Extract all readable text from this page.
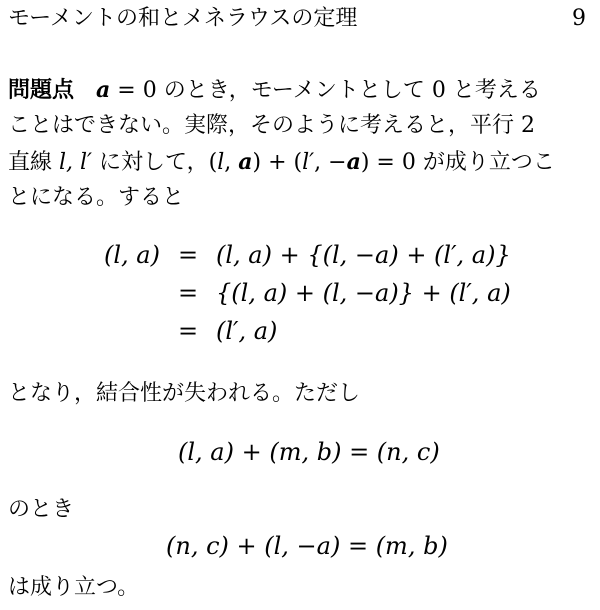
モーメントの和とメネラウスの定理	9
問題点 a = 0 のとき，モーメントとして 0 と考える
ことはできない。実際，そのように考えると，平行 2
直線 l, l′ に対して，(l, a) + (l′, −a) = 0 が成り立つこ
とになる。すると
(l, a) = (l, a) + {(l, −a) + (l′, a)}
= {(l, a) + (l, −a)} + (l′, a)
= (l′, a)
となり，結合性が失われる。ただし
(l, a) + (m, b) = (n, c)
のとき
(n, c) + (l, −a) = (m, b)
は成り立つ。
